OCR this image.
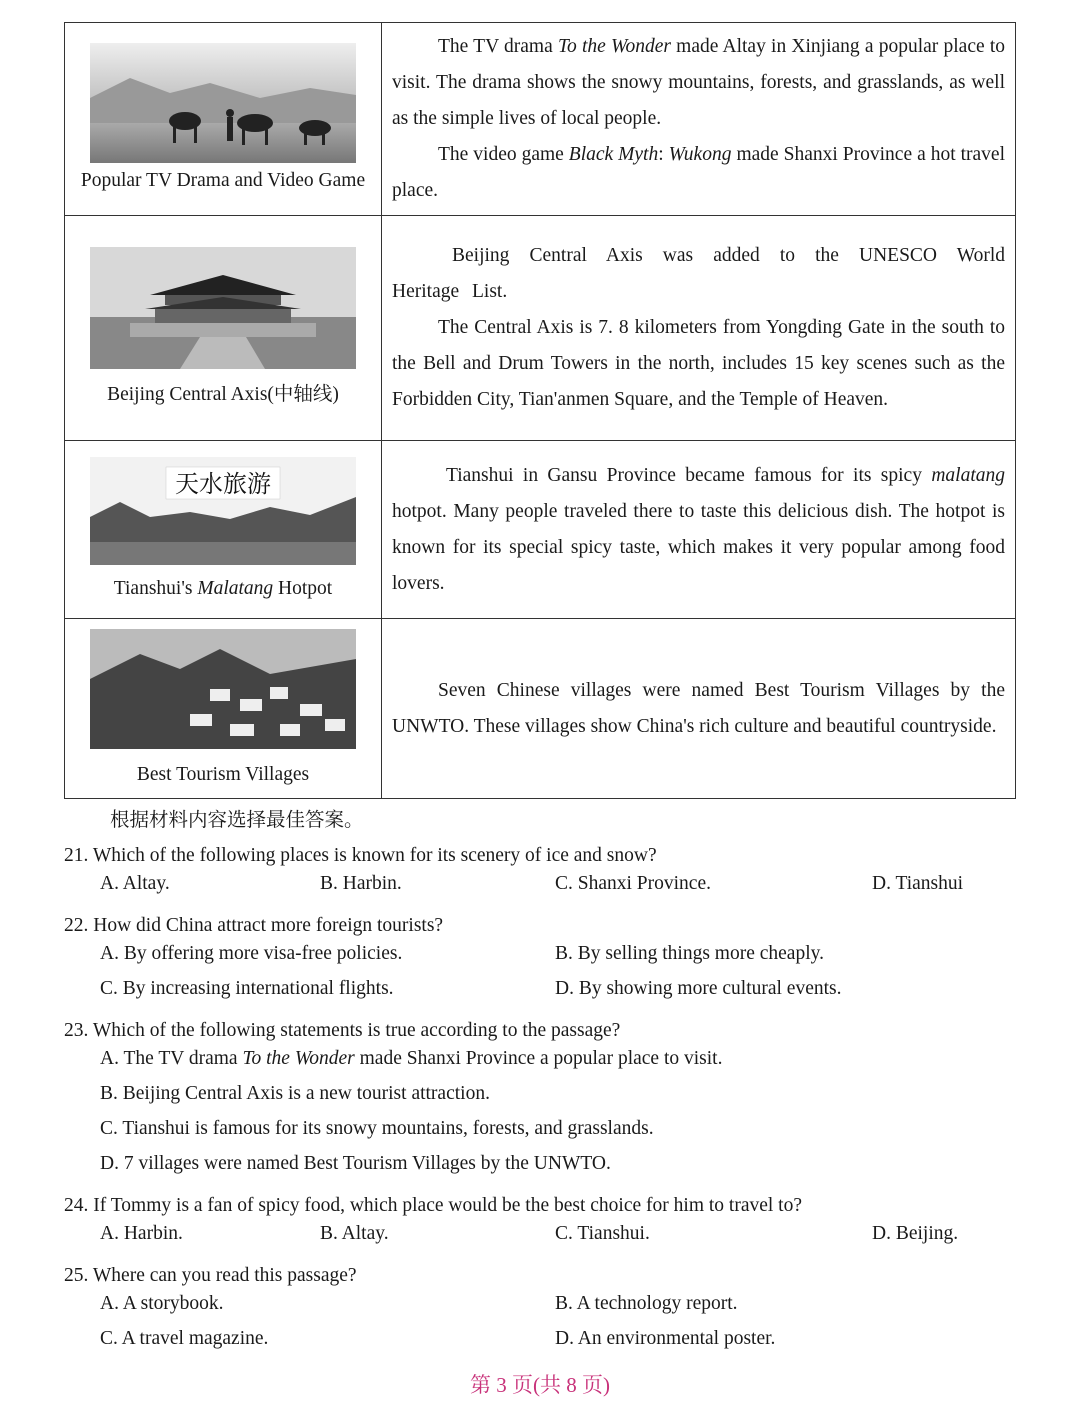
Popular TV Drama and Video Game	The TV drama To the Wonder made Altay in Xinjiang a popular place to visit. The drama shows the snowy mountains, forests, and grasslands, as well as the simple lives of local people.

The video game Black Myth: Wukong made Shanxi Province a hot travel place.

Beijing Central Axis(中轴线)	Beijing Central Axis was added to the UNESCO World Heritage List.

The Central Axis is 7. 8 kilometers from Yongding Gate in the south to the Bell and Drum Towers in the north, includes 15 key scenes such as the Forbidden City, Tian'anmen Square, and the Temple of Heaven.

天水旅游
Tianshui's Malatang Hotpot	Tianshui in Gansu Province became famous for its spicy malatang hotpot. Many people traveled there to taste this delicious dish. The hotpot is known for its special spicy taste, which makes it very popular among food lovers.

Best Tourism Villages	Seven Chinese villages were named Best Tourism Villages by the UNWTO. These villages show China's rich culture and beautiful countryside.

根据材料内容选择最佳答案。
21. Which of the following places is known for its scenery of ice and snow?
A. Altay.	B. Harbin.	C. Shanxi Province.	D. Tianshui
22. How did China attract more foreign tourists?
A. By offering more visa-free policies.	B. By selling things more cheaply.
C. By increasing international flights.	D. By showing more cultural events.
23. Which of the following statements is true according to the passage?
A. The TV drama To the Wonder made Shanxi Province a popular place to visit.
B. Beijing Central Axis is a new tourist attraction.
C. Tianshui is famous for its snowy mountains, forests, and grasslands.
D. 7 villages were named Best Tourism Villages by the UNWTO.
24. If Tommy is a fan of spicy food, which place would be the best choice for him to travel to?
A. Harbin.	B. Altay.	C. Tianshui.	D. Beijing.
25. Where can you read this passage?
A. A storybook.	B. A technology report.
C. A travel magazine.	D. An environmental poster.
第 3 页(共 8 页)
